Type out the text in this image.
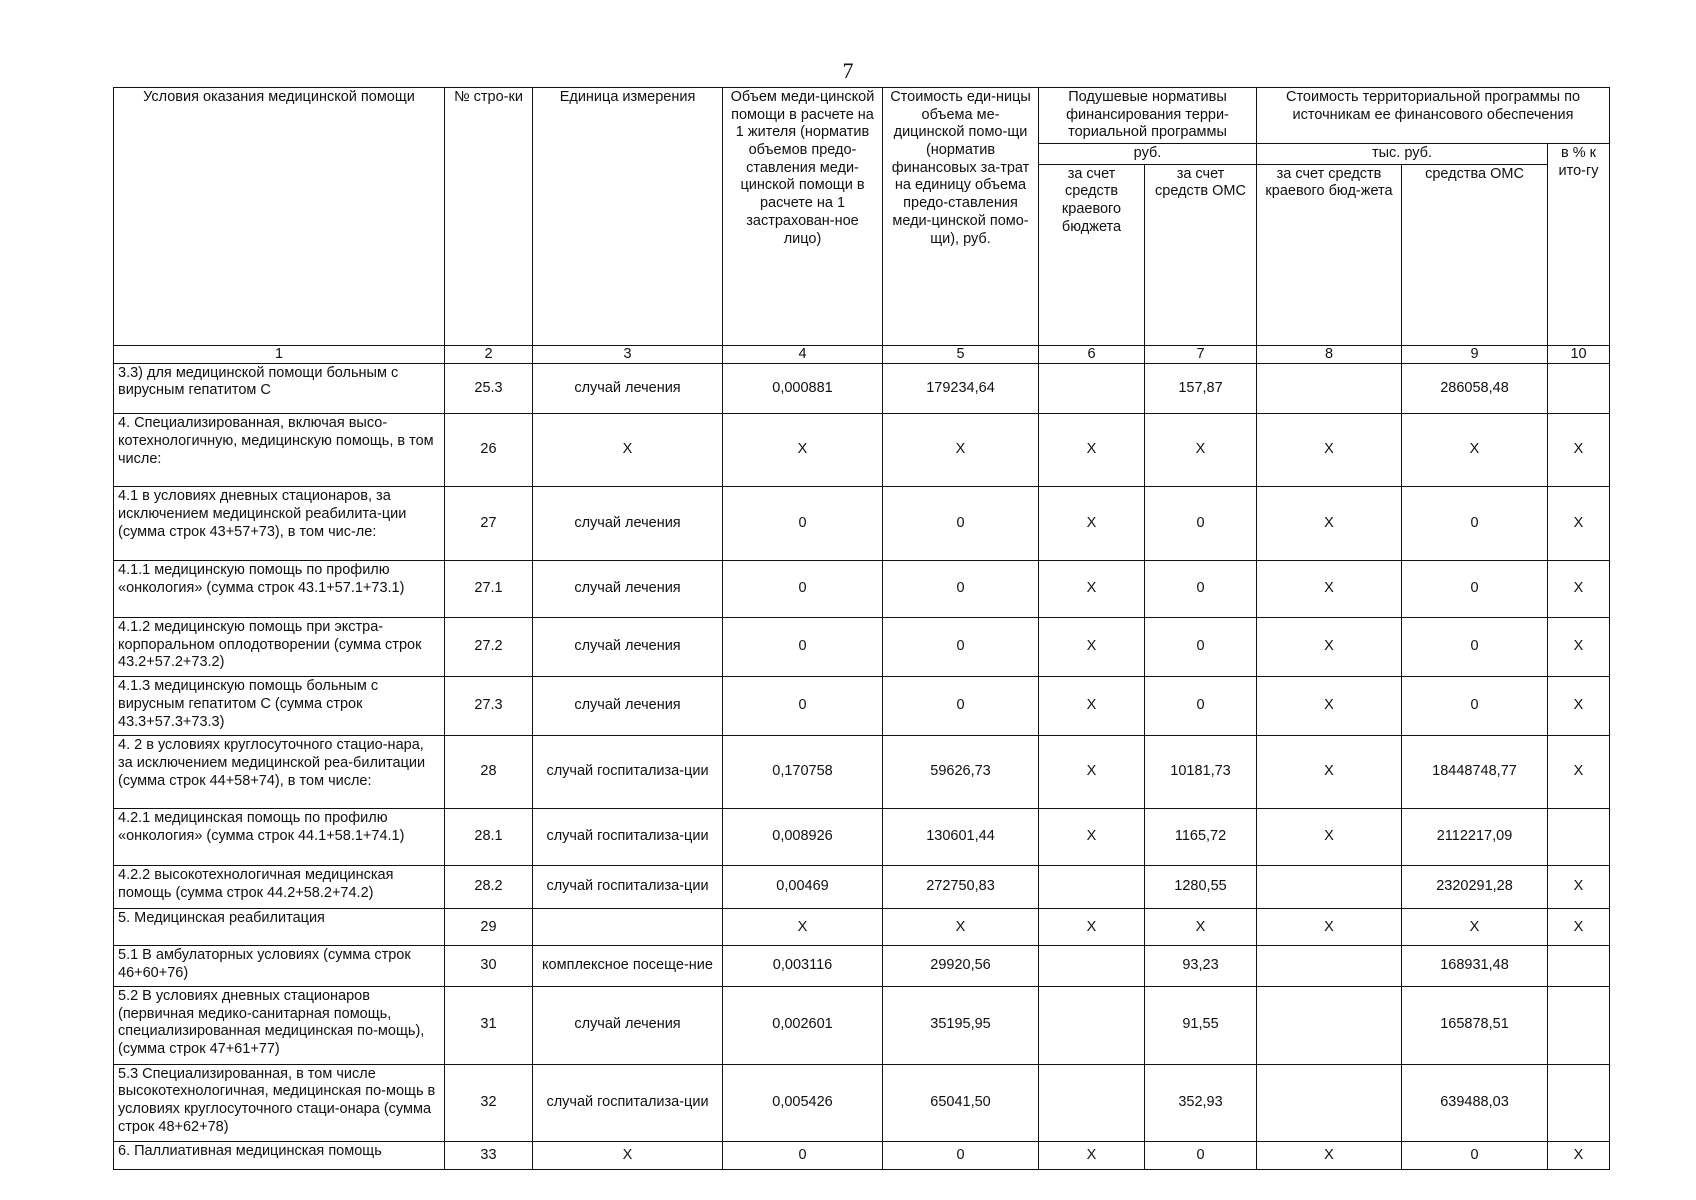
7
Условия оказания медицинской помощи	№ стро-ки	Единица измерения	Объем меди-цинской помощи в расчете на 1 жителя (норматив объемов предо-ставления меди-цинской помощи в расчете на 1 застрахован-ное лицо)	Стоимость еди-ницы объема ме-дицинской помо-щи (норматив финансовых за-трат на единицу объема предо-ставления меди-цинской помо-щи), руб.	Подушевые нормативы финансирования терри-ториальной программы		Стоимость территориальной программы по источникам ее финансового обеспечения		
					руб.		тыс. руб.		в % к ито-гу
					за счет средств краевого бюджета	за счет средств ОМС	за счет средств краевого бюд-жета	средства ОМС	
1	2	3	4	5	6	7	8	9	10
3.3) для медицинской помощи больным с вирусным гепатитом С	25.3	случай лечения	0,000881	179234,64		157,87		286058,48	
4. Специализированная, включая высо-котехнологичную, медицинскую помощь, в том числе:	26	X	X	X	X	X	X	X	X
4.1 в условиях дневных стационаров, за исключением медицинской реабилита-ции (сумма строк 43+57+73), в том чис-ле:	27	случай лечения	0	0	X	0	X	0	X
4.1.1 медицинскую помощь по профилю «онкология» (сумма строк 43.1+57.1+73.1)	27.1	случай лечения	0	0	X	0	X	0	X
4.1.2 медицинскую помощь при экстра-корпоральном оплодотворении (сумма строк 43.2+57.2+73.2)	27.2	случай лечения	0	0	X	0	X	0	X
4.1.3 медицинскую помощь больным с вирусным гепатитом С (сумма строк 43.3+57.3+73.3)	27.3	случай лечения	0	0	X	0	X	0	X
4. 2 в условиях круглосуточного стацио-нара, за исключением медицинской реа-билитации (сумма строк 44+58+74), в том числе:	28	случай госпитализа-ции	0,170758	59626,73	X	10181,73	X	18448748,77	X
4.2.1 медицинская помощь по профилю «онкология» (сумма строк 44.1+58.1+74.1)	28.1	случай госпитализа-ции	0,008926	130601,44	X	1165,72	X	2112217,09	
4.2.2 высокотехнологичная медицинская помощь (сумма строк 44.2+58.2+74.2)	28.2	случай госпитализа-ции	0,00469	272750,83		1280,55		2320291,28	X
5. Медицинская реабилитация	29		X	X	X	X	X	X	X
5.1 В амбулаторных условиях (сумма строк 46+60+76)	30	комплексное посеще-ние	0,003116	29920,56		93,23		168931,48	
5.2 В условиях дневных стационаров (первичная медико-санитарная помощь, специализированная медицинская по-мощь), (сумма строк 47+61+77)	31	случай лечения	0,002601	35195,95		91,55		165878,51	
5.3 Специализированная, в том числе высокотехнологичная, медицинская по-мощь в условиях круглосуточного стаци-онара (сумма строк 48+62+78)	32	случай госпитализа-ции	0,005426	65041,50		352,93		639488,03	
6. Паллиативная медицинская помощь	33	X	0	0	X	0	X	0	X
